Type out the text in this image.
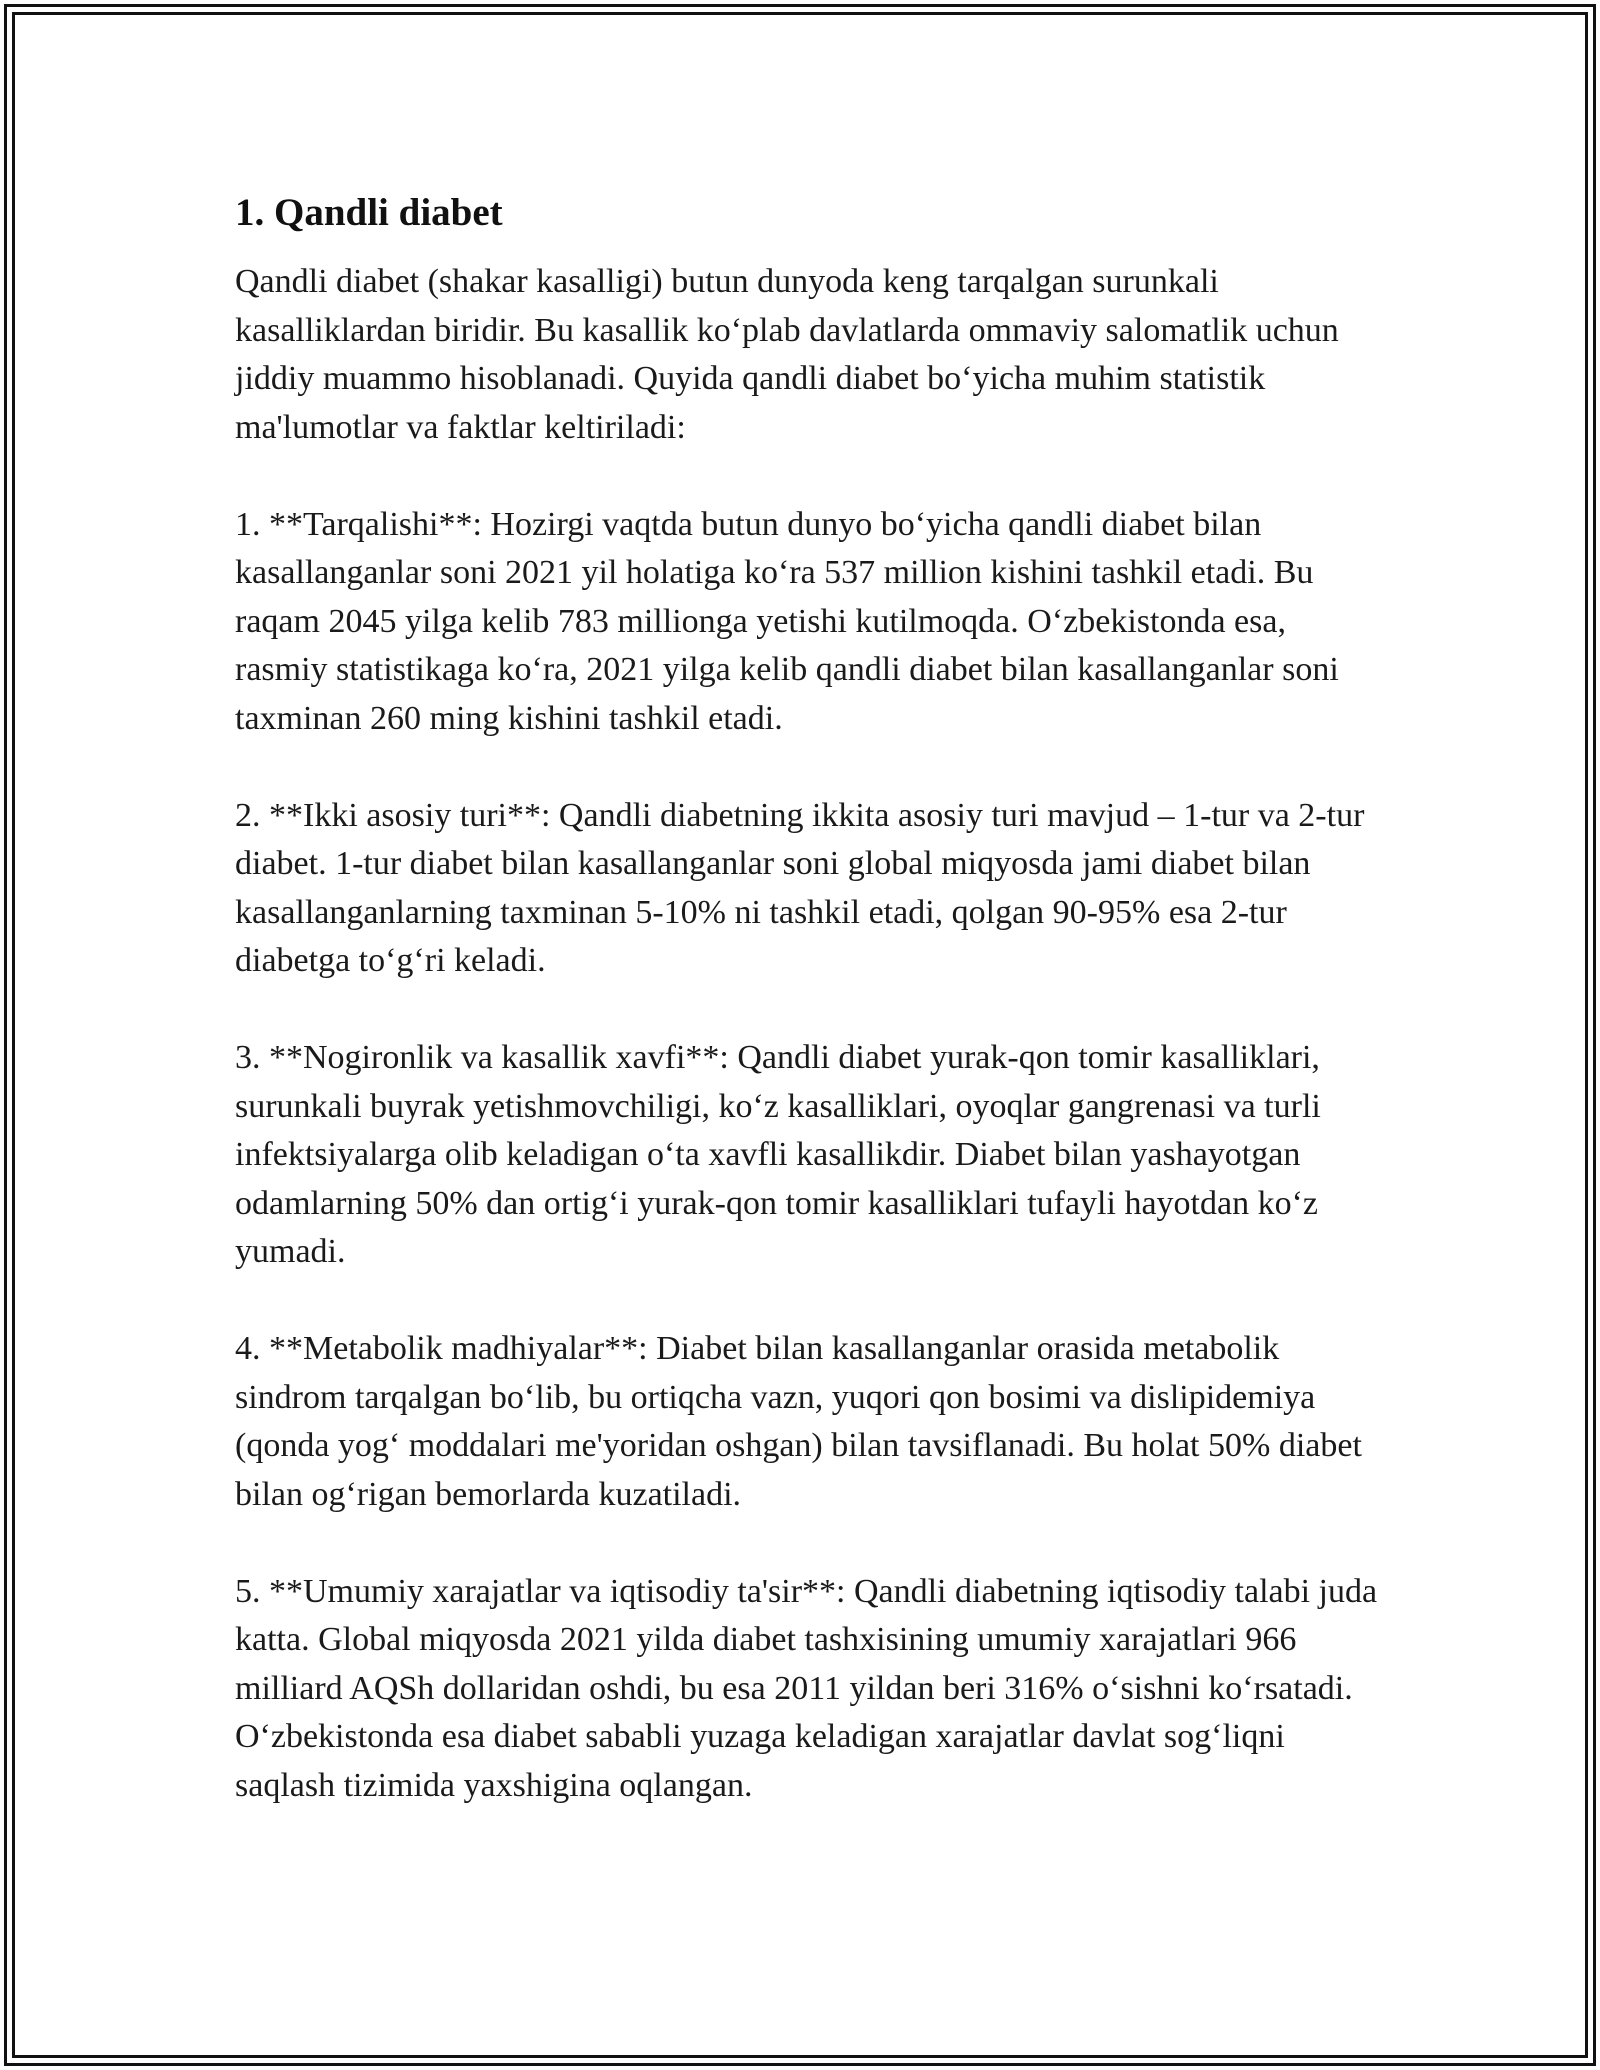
1. Qandli diabet

Qandli diabet (shakar kasalligi) butun dunyoda keng tarqalgan surunkali kasalliklardan biridir. Bu kasallik ko‘plab davlatlarda ommaviy salomatlik uchun jiddiy muammo hisoblanadi. Quyida qandli diabet bo‘yicha muhim statistik ma'lumotlar va faktlar keltiriladi:

1. **Tarqalishi**: Hozirgi vaqtda butun dunyo bo‘yicha qandli diabet bilan kasallanganlar soni 2021 yil holatiga ko‘ra 537 million kishini tashkil etadi. Bu raqam 2045 yilga kelib 783 millionga yetishi kutilmoqda. O‘zbekistonda esa, rasmiy statistikaga ko‘ra, 2021 yilga kelib qandli diabet bilan kasallanganlar soni taxminan 260 ming kishini tashkil etadi.

2. **Ikki asosiy turi**: Qandli diabetning ikkita asosiy turi mavjud – 1-tur va 2-tur diabet. 1-tur diabet bilan kasallanganlar soni global miqyosda jami diabet bilan kasallanganlarning taxminan 5-10% ni tashkil etadi, qolgan 90-95% esa 2-tur diabetga to‘g‘ri keladi.

3. **Nogironlik va kasallik xavfi**: Qandli diabet yurak-qon tomir kasalliklari, surunkali buyrak yetishmovchiligi, ko‘z kasalliklari, oyoqlar gangrenasi va turli infektsiyalarga olib keladigan o‘ta xavfli kasallikdir. Diabet bilan yashayotgan odamlarning 50% dan ortig‘i yurak-qon tomir kasalliklari tufayli hayotdan ko‘z yumadi.

4. **Metabolik madhiyalar**: Diabet bilan kasallanganlar orasida metabolik sindrom tarqalgan bo‘lib, bu ortiqcha vazn, yuqori qon bosimi va dislipidemiya (qonda yog‘ moddalari me'yoridan oshgan) bilan tavsiflanadi. Bu holat 50% diabet bilan og‘rigan bemorlarda kuzatiladi.

5. **Umumiy xarajatlar va iqtisodiy ta'sir**: Qandli diabetning iqtisodiy talabi juda katta. Global miqyosda 2021 yilda diabet tashxisining umumiy xarajatlari 966 milliard AQSh dollaridan oshdi, bu esa 2011 yildan beri 316% o‘sishni ko‘rsatadi. O‘zbekistonda esa diabet sababli yuzaga keladigan xarajatlar davlat sog‘liqni saqlash tizimida yaxshigina oqlangan.
